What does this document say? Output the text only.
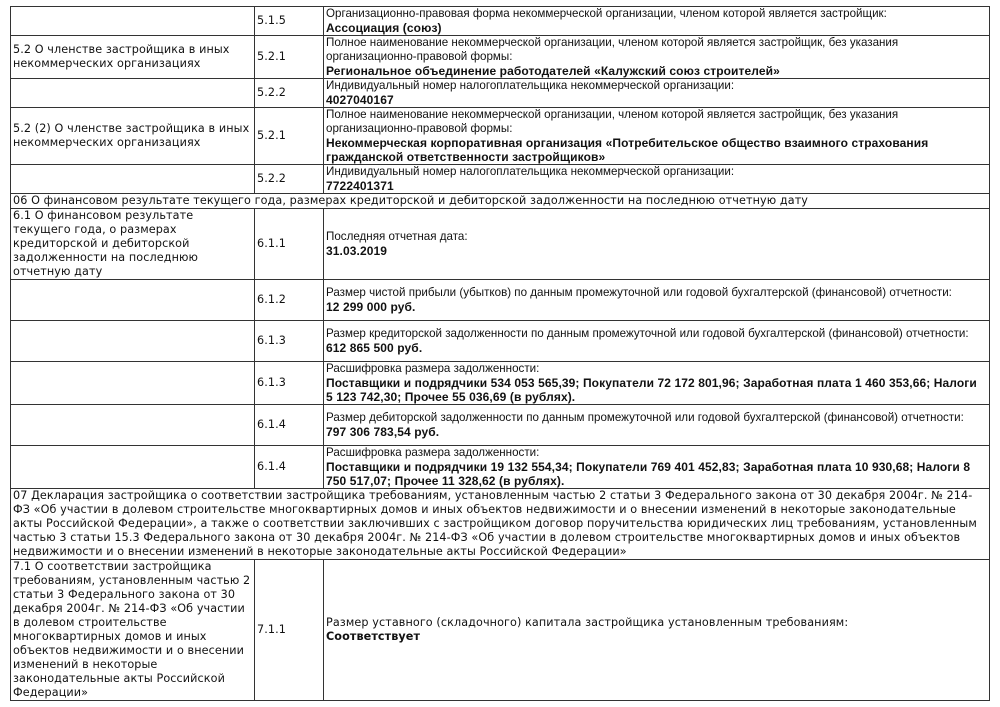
	5.1.5	Организационно-правовая форма некоммерческой организации, членом которой является застройщик:
Ассоциация (союз)

5.2 О членстве застройщика в иных некоммерческих организациях	5.2.1	Полное наименование некоммерческой организации, членом которой является застройщик, без указания организационно-правовой формы:
Региональное объединение работодателей «Калужский союз строителей»

	5.2.2	Индивидуальный номер налогоплательщика некоммерческой организации:
4027040167

5.2 (2) О членстве застройщика в иных некоммерческих организациях	5.2.1	Полное наименование некоммерческой организации, членом которой является застройщик, без указания организационно-правовой формы:
Некоммерческая корпоративная организация «Потребительское общество взаимного страхования гражданской ответственности застройщиков»

	5.2.2	Индивидуальный номер налогоплательщика некоммерческой организации:
7722401371

06 О финансовом результате текущего года, размерах кредиторской и дебиторской задолженности на последнюю отчетную дату		
6.1 О финансовом результате текущего года, о размерах кредиторской и дебиторской задолженности на последнюю отчетную дату	6.1.1	Последняя отчетная дата:
31.03.2019

	6.1.2	Размер чистой прибыли (убытков) по данным промежуточной или годовой бухгалтерской (финансовой) отчетности:
12 299 000 руб.

	6.1.3	Размер кредиторской задолженности по данным промежуточной или годовой бухгалтерской (финансовой) отчетности:
612 865 500 руб.

	6.1.3	Расшифровка размера задолженности:
Поставщики и подрядчики 534 053 565,39; Покупатели 72 172 801,96; Заработная плата 1 460 353,66; Налоги 5 123 742,30; Прочее 55 036,69 (в рублях).

	6.1.4	Размер дебиторской задолженности по данным промежуточной или годовой бухгалтерской (финансовой) отчетности:
797 306 783,54 руб.

	6.1.4	Расшифровка размера задолженности:
Поставщики и подрядчики 19 132 554,34; Покупатели 769 401 452,83; Заработная плата 10 930,68; Налоги 8 750 517,07; Прочее 11 328,62 (в рублях).

07 Декларация застройщика о соответствии застройщика требованиям, установленным частью 2 статьи 3 Федерального закона от 30 декабря 2004г. № 214-ФЗ «Об участии в долевом строительстве многоквартирных домов и иных объектов недвижимости и о внесении изменений в некоторые законодательные акты Российской Федерации», а также о соответствии заключивших с застройщиком договор поручительства юридических лиц требованиям, установленным частью 3 статьи 15.3 Федерального закона от 30 декабря 2004г. № 214-ФЗ «Об участии в долевом строительстве многоквартирных домов и иных объектов недвижимости и о внесении изменений в некоторые законодательные акты Российской Федерации»		
7.1 О соответствии застройщика требованиям, установленным частью 2 статьи 3 Федерального закона от 30 декабря 2004г. № 214-ФЗ «Об участии в долевом строительстве многоквартирных домов и иных объектов недвижимости и о внесении изменений в некоторые законодательные акты Российской Федерации»	7.1.1	Размер уставного (складочного) капитала застройщика установленным требованиям:
Соответствует
